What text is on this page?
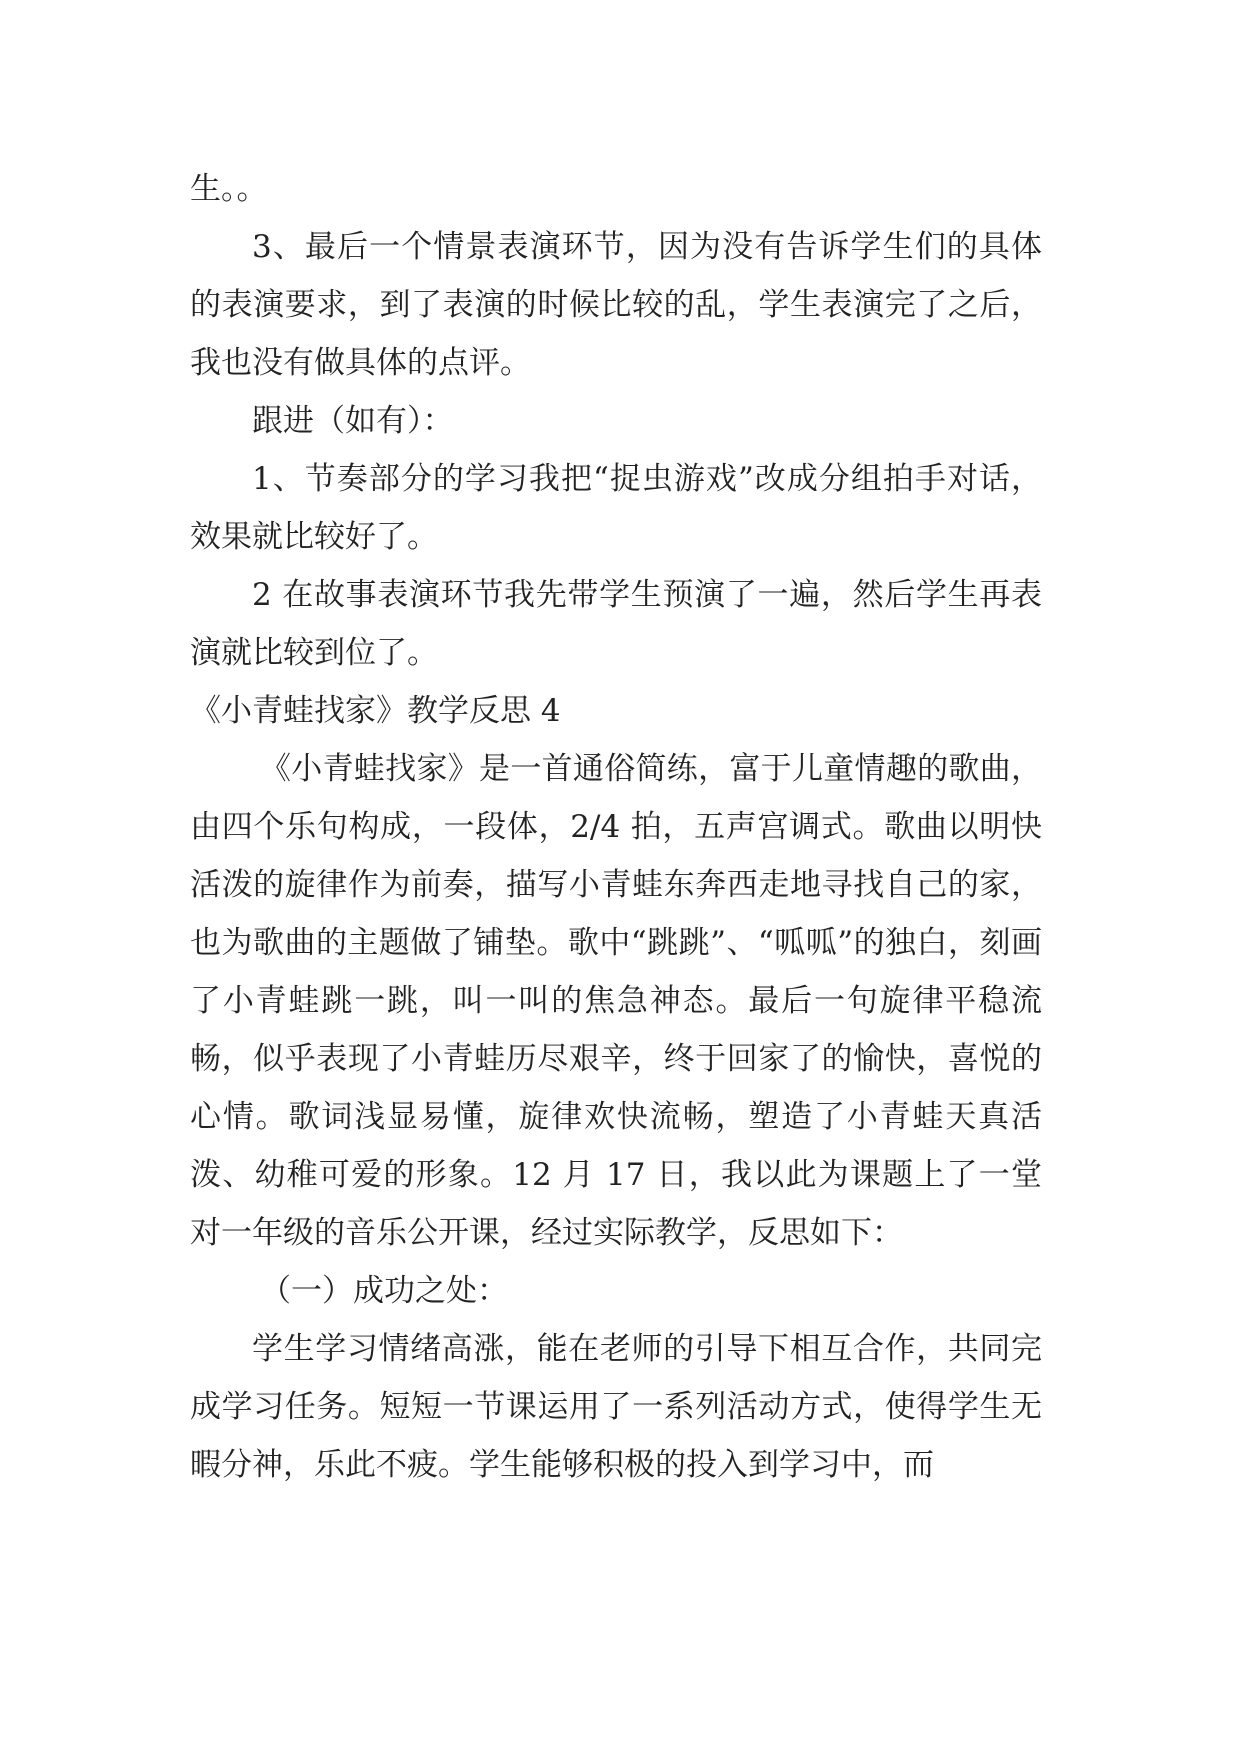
生。。

3、最后一个情景表演环节，因为没有告诉学生们的具体的表演要求，到了表演的时候比较的乱，学生表演完了之后，我也没有做具体的点评。

跟进（如有）：

1、节奏部分的学习我把“捉虫游戏”改成分组拍手对话，效果就比较好了。

2 在故事表演环节我先带学生预演了一遍，然后学生再表演就比较到位了。

《小青蛙找家》教学反思 4

《小青蛙找家》是一首通俗简练，富于儿童情趣的歌曲，由四个乐句构成，一段体，2/4 拍，五声宫调式。歌曲以明快活泼的旋律作为前奏，描写小青蛙东奔西走地寻找自己的家，也为歌曲的主题做了铺垫。歌中“跳跳”、“呱呱”的独白，刻画了小青蛙跳一跳，叫一叫的焦急神态。最后一句旋律平稳流畅，似乎表现了小青蛙历尽艰辛，终于回家了的愉快，喜悦的心情。歌词浅显易懂，旋律欢快流畅，塑造了小青蛙天真活泼、幼稚可爱的形象。12 月 17 日，我以此为课题上了一堂对一年级的音乐公开课，经过实际教学，反思如下：

（一）成功之处：

学生学习情绪高涨，能在老师的引导下相互合作，共同完成学习任务。短短一节课运用了一系列活动方式，使得学生无暇分神，乐此不疲。学生能够积极的投入到学习中，而
